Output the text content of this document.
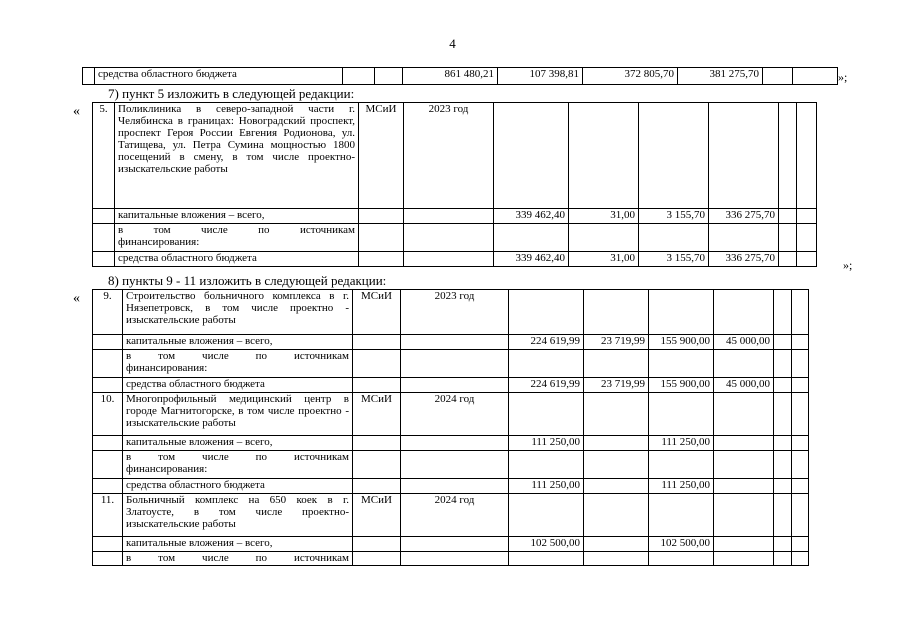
4
	средства областного бюджета			861 480,21	107 398,81	372 805,70	381 275,70			»;
7) пункт 5 изложить в следующей редакции:
« 5.	Поликлиника в северо-западной части г. Челябинска в границах: Новоградский проспект, проспект Героя России Евгения Родионова, ул. Татищева, ул. Петра Сумина мощностью 1800 посещений в смену, в том числе проектно-изыскательские работы	МСиИ	2023 год						
	капитальные вложения – всего,			339 462,40	31,00	3 155,70	336 275,70		
	в том числе по источникам
финансирования:								

	средства областного бюджета			339 462,40	31,00	3 155,70	336 275,70			»;
8) пункты 9 - 11 изложить в следующей редакции:
« 9.	Строительство больничного комплекса в г. Нязепетровск, в том числе проектно - изыскательские работы	МСиИ	2023 год						
	капитальные вложения – всего,			224 619,99	23 719,99	155 900,00	45 000,00		
	в том числе по источникам
финансирования:								

	средства областного бюджета			224 619,99	23 719,99	155 900,00	45 000,00		
10.	Многопрофильный медицинский центр в городе Магнитогорске, в том числе проектно - изыскательские работы	МСиИ	2024 год						
	капитальные вложения – всего,			111 250,00		111 250,00			
	в том числе по источникам
финансирования:								

	средства областного бюджета			111 250,00		111 250,00			
11.	Больничный комплекс на 650 коек в г. Златоусте, в том числе проектно-изыскательские работы	МСиИ	2024 год						
	капитальные вложения – всего,			102 500,00		102 500,00			
	в том числе по источникам								
